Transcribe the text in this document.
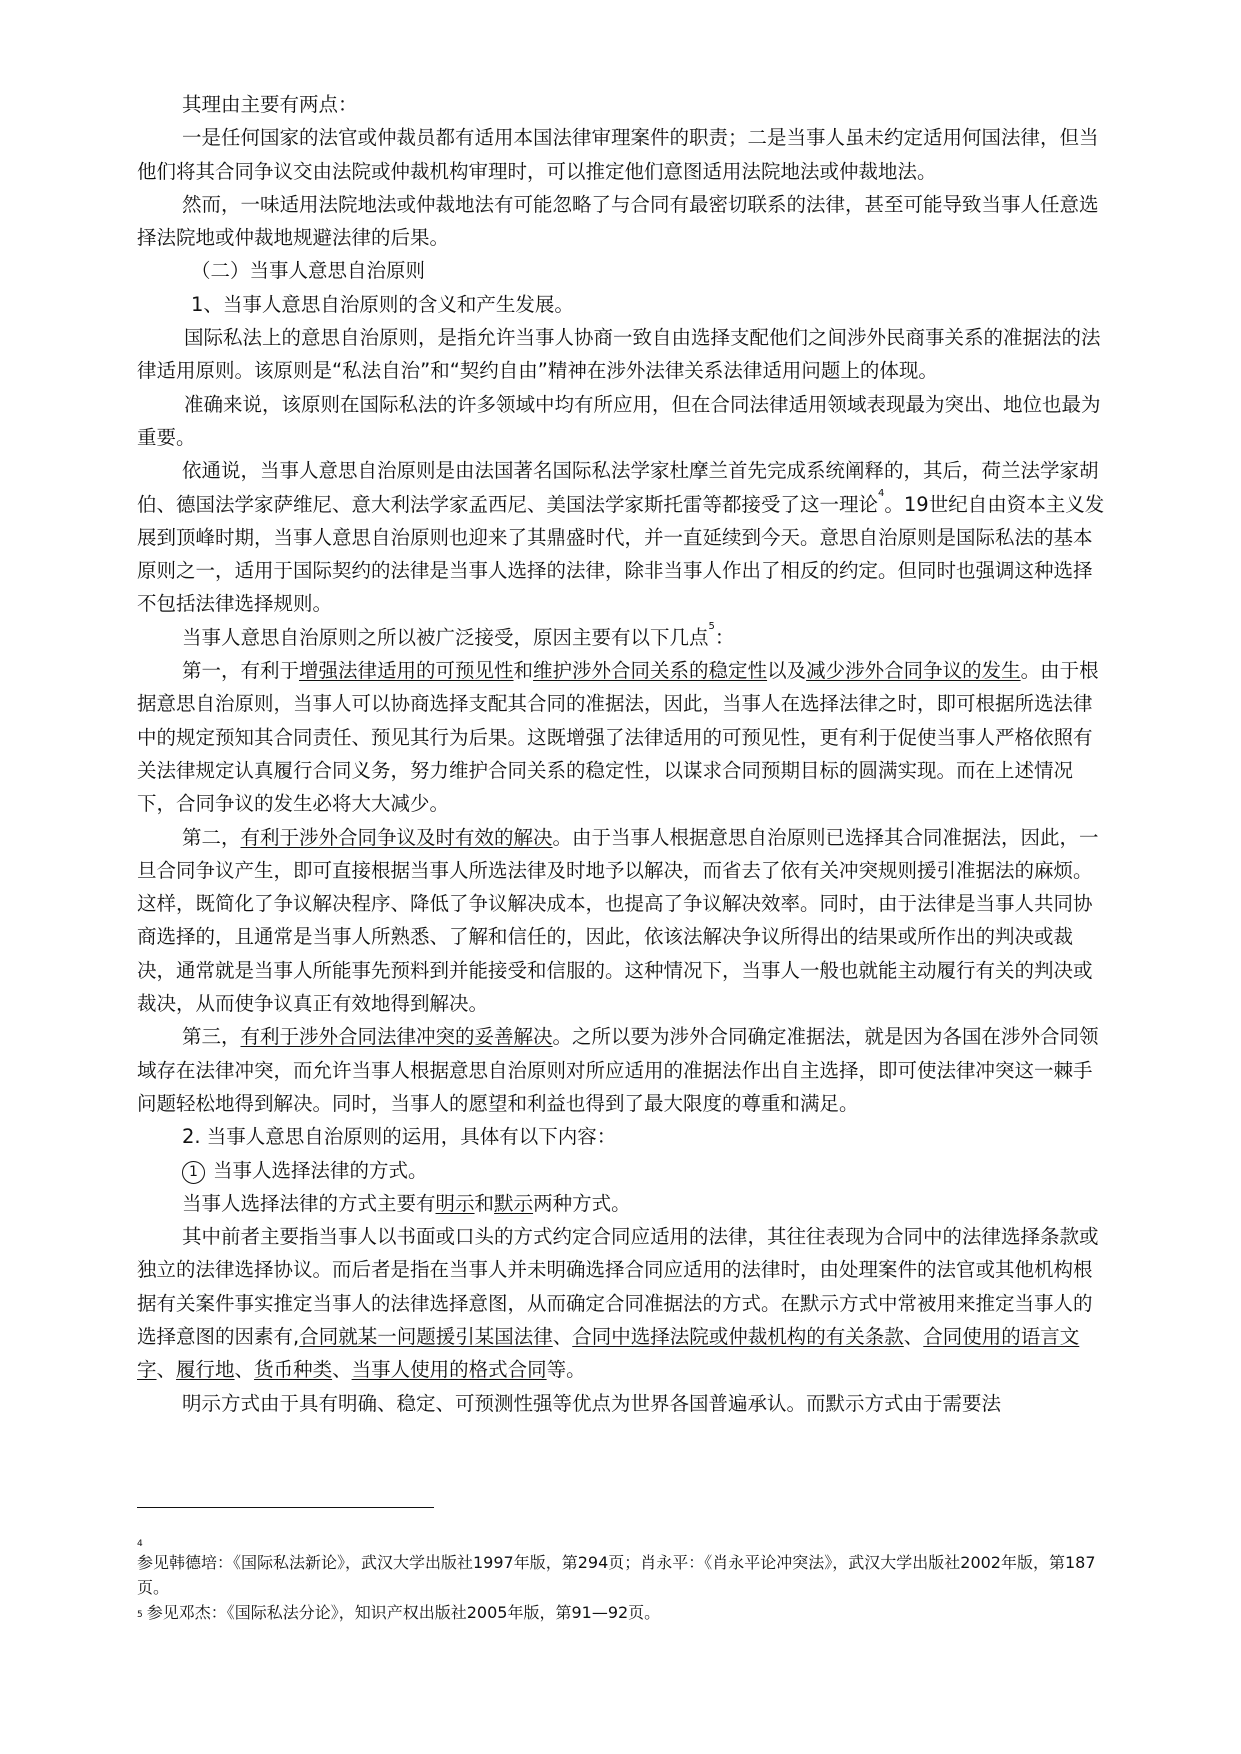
其理由主要有两点：

一是任何国家的法官或仲裁员都有适用本国法律审理案件的职责；二是当事人虽未约定适用何国法律，但当他们将其合同争议交由法院或仲裁机构审理时，可以推定他们意图适用法院地法或仲裁地法。

然而，一味适用法院地法或仲裁地法有可能忽略了与合同有最密切联系的法律，甚至可能导致当事人任意选择法院地或仲裁地规避法律的后果。

（二）当事人意思自治原则

1、当事人意思自治原则的含义和产生发展。

国际私法上的意思自治原则，是指允许当事人协商一致自由选择支配他们之间涉外民商事关系的准据法的法律适用原则。该原则是“私法自治”和“契约自由”精神在涉外法律关系法律适用问题上的体现。

准确来说，该原则在国际私法的许多领域中均有所应用，但在合同法律适用领域表现最为突出、地位也最为重要。

依通说，当事人意思自治原则是由法国著名国际私法学家杜摩兰首先完成系统阐释的，其后，荷兰法学家胡伯、德国法学家萨维尼、意大利法学家孟西尼、美国法学家斯托雷等都接受了这一理论$^4$。19世纪自由资本主义发展到顶峰时期，当事人意思自治原则也迎来了其鼎盛时代，并一直延续到今天。意思自治原则是国际私法的基本原则之一，适用于国际契约的法律是当事人选择的法律，除非当事人作出了相反的约定。但同时也强调这种选择不包括法律选择规则。

当事人意思自治原则之所以被广泛接受，原因主要有以下几点$^5$：

第一，有利于增强法律适用的可预见性和维护涉外合同关系的稳定性以及减少涉外合同争议的发生。由于根据意思自治原则，当事人可以协商选择支配其合同的准据法，因此，当事人在选择法律之时，即可根据所选法律中的规定预知其合同责任、预见其行为后果。这既增强了法律适用的可预见性，更有利于促使当事人严格依照有关法律规定认真履行合同义务，努力维护合同关系的稳定性，以谋求合同预期目标的圆满实现。而在上述情况下，合同争议的发生必将大大减少。

第二，有利于涉外合同争议及时有效的解决。由于当事人根据意思自治原则已选择其合同准据法，因此，一旦合同争议产生，即可直接根据当事人所选法律及时地予以解决，而省去了依有关冲突规则援引准据法的麻烦。这样，既简化了争议解决程序、降低了争议解决成本，也提高了争议解决效率。同时，由于法律是当事人共同协商选择的，且通常是当事人所熟悉、了解和信任的，因此，依该法解决争议所得出的结果或所作出的判决或裁决，通常就是当事人所能事先预料到并能接受和信服的。这种情况下，当事人一般也就能主动履行有关的判决或裁决，从而使争议真正有效地得到解决。

第三，有利于涉外合同法律冲突的妥善解决。之所以要为涉外合同确定准据法，就是因为各国在涉外合同领域存在法律冲突，而允许当事人根据意思自治原则对所应适用的准据法作出自主选择，即可使法律冲突这一棘手问题轻松地得到解决。同时，当事人的愿望和利益也得到了最大限度的尊重和满足。

2. 当事人意思自治原则的运用，具体有以下内容：

1 当事人选择法律的方式。

当事人选择法律的方式主要有明示和默示两种方式。

其中前者主要指当事人以书面或口头的方式约定合同应适用的法律，其往往表现为合同中的法律选择条款或独立的法律选择协议。而后者是指在当事人并未明确选择合同应适用的法律时，由处理案件的法官或其他机构根据有关案件事实推定当事人的法律选择意图，从而确定合同准据法的方式。在默示方式中常被用来推定当事人的选择意图的因素有,合同就某一问题援引某国法律、合同中选择法院或仲裁机构的有关条款、合同使用的语言文字、履行地、货币种类、当事人使用的格式合同等。

明示方式由于具有明确、稳定、可预测性强等优点为世界各国普遍承认。而默示方式由于需要法

4

参见韩德培：《国际私法新论》，武汉大学出版社1997年版，第294页；肖永平：《肖永平论冲突法》，武汉大学出版社2002年版，第187页。

$^5$ 参见邓杰：《国际私法分论》，知识产权出版社2005年版，第91—92页。
